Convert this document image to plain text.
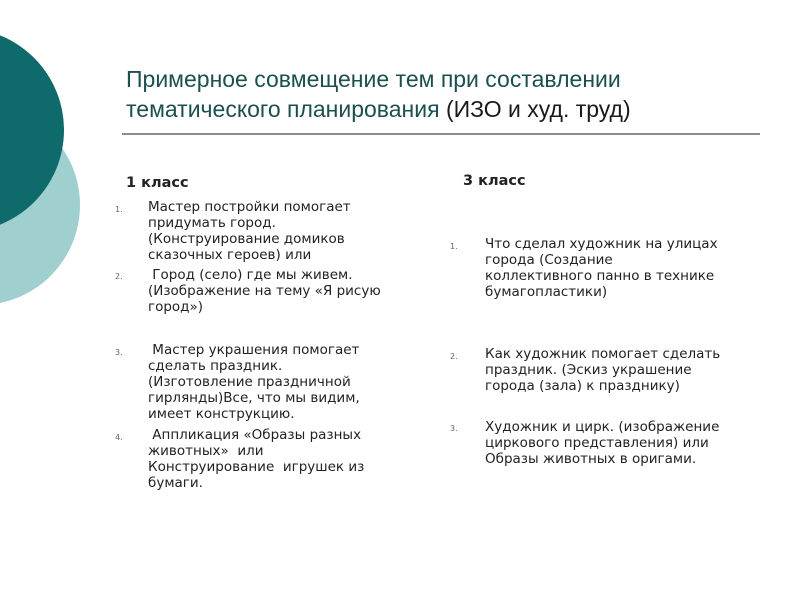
Примерное совмещение тем при составлении тематического планирования (ИЗО и худ. труд)
1 класс	3 класс
1. Мастер постройки помогает
придумать город.
(Конструирование домиков
сказочных героев) или
2. Город (село) где мы живем.
(Изображение на тему «Я рисую
город»)
3. Мастер украшения помогает
сделать праздник.
(Изготовление праздничной
гирлянды)Все, что мы видим,
имеет конструкцию.
4. Аппликация «Образы разных
животных»  или
Конструирование  игрушек из
бумаги.
1. Что сделал художник на улицах
города (Создание
коллективного панно в технике
бумагопластики)
2. Как художник помогает сделать
праздник. (Эскиз украшение
города (зала) к празднику)
3. Художник и цирк. (изображение
циркового представления) или
Образы животных в оригами.
